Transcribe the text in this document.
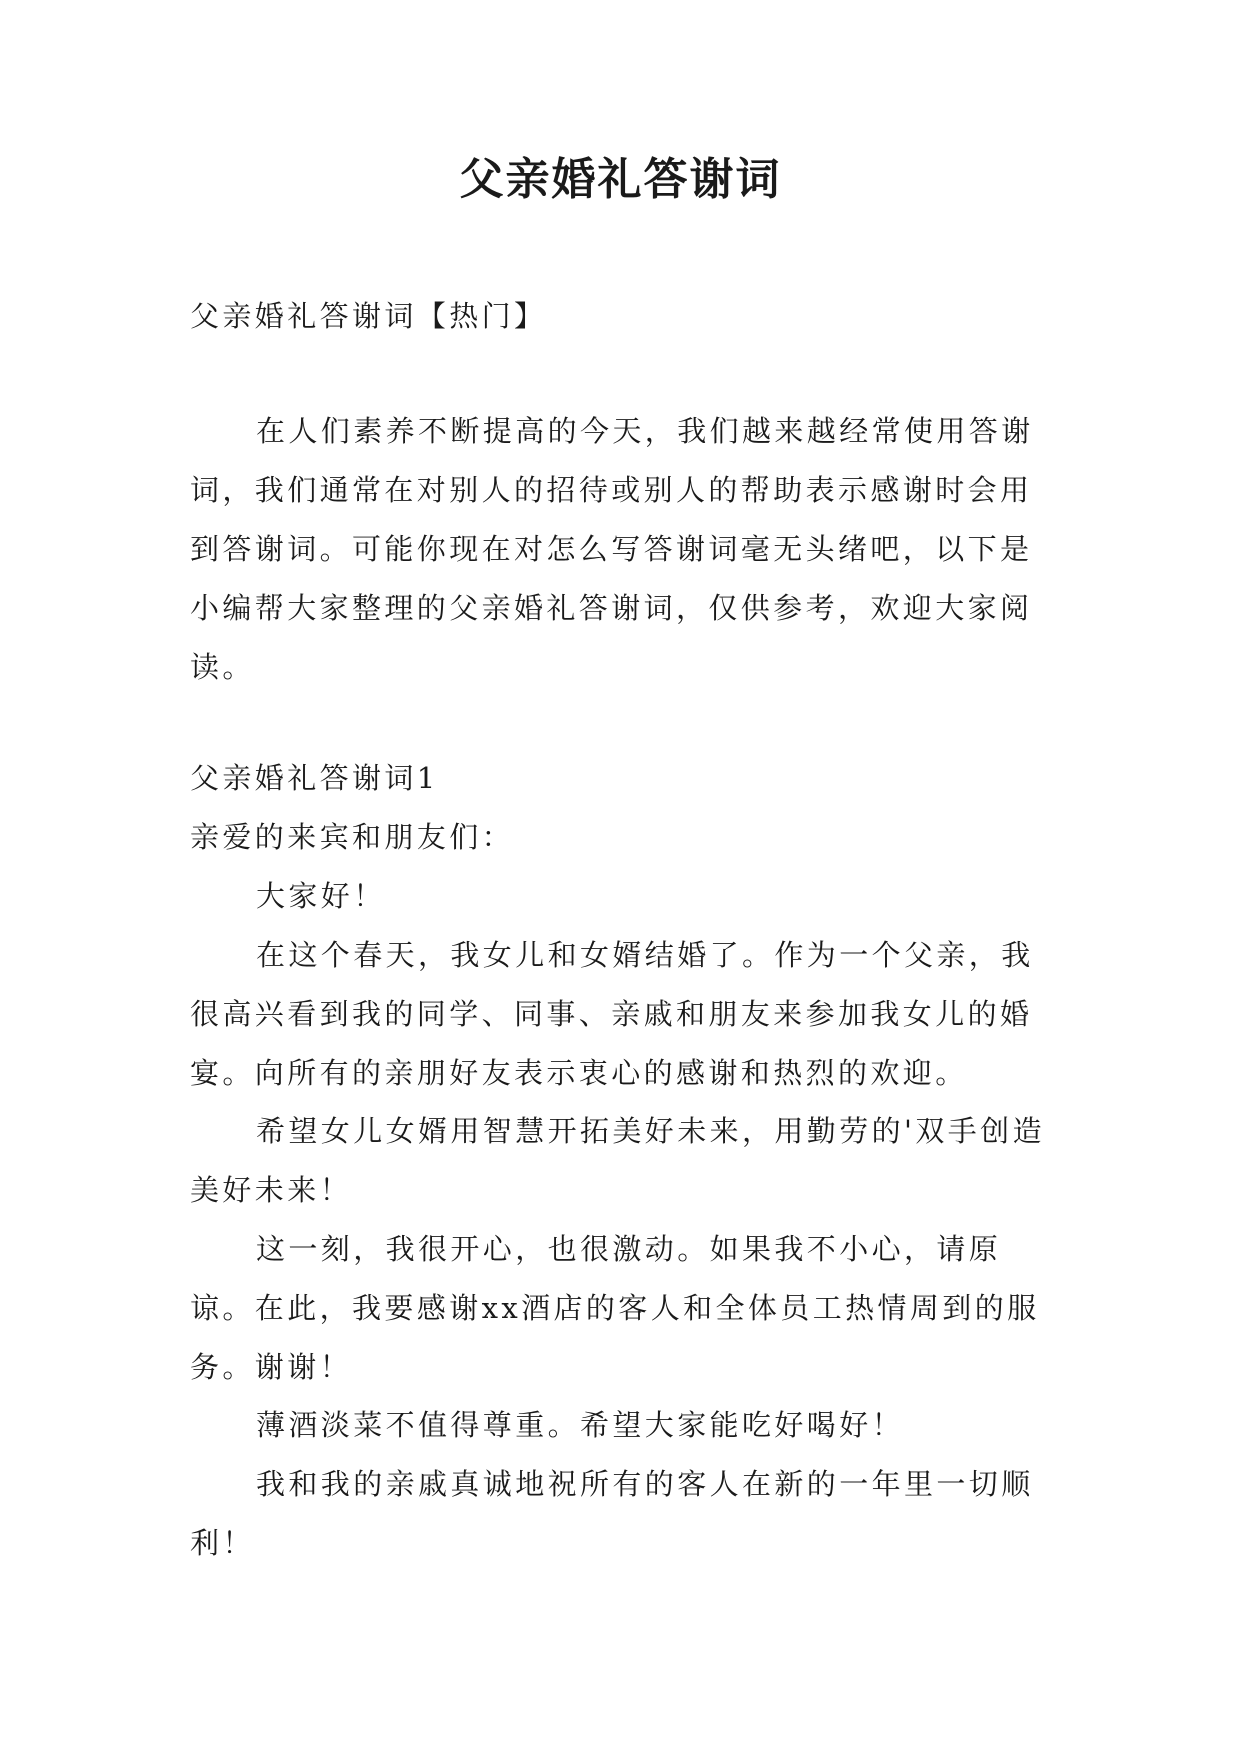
父亲婚礼答谢词

父亲婚礼答谢词【热门】

在人们素养不断提高的今天，我们越来越经常使用答谢词，我们通常在对别人的招待或别人的帮助表示感谢时会用到答谢词。可能你现在对怎么写答谢词毫无头绪吧，以下是小编帮大家整理的父亲婚礼答谢词，仅供参考，欢迎大家阅读。

父亲婚礼答谢词1

亲爱的来宾和朋友们：

大家好！

在这个春天，我女儿和女婿结婚了。作为一个父亲，我很高兴看到我的同学、同事、亲戚和朋友来参加我女儿的婚宴。向所有的亲朋好友表示衷心的感谢和热烈的欢迎。

希望女儿女婿用智慧开拓美好未来，用勤劳的'双手创造美好未来！

这一刻，我很开心，也很激动。如果我不小心，请原谅。在此，我要感谢xx酒店的客人和全体员工热情周到的服务。谢谢！

薄酒淡菜不值得尊重。希望大家能吃好喝好！

我和我的亲戚真诚地祝所有的客人在新的一年里一切顺利！
